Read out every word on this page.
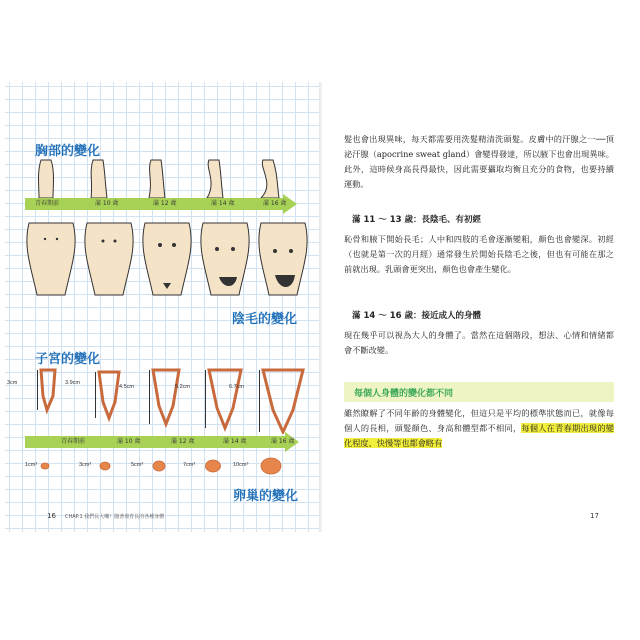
胸部的變化
青春期前	滿 10 歲	滿 12 歲	滿 14 歲	滿 16 歲
陰毛的變化
子宮的變化
3cm	3.9cm
4.5cm	5.2cm	6.7cm
青春期前	滿 10 歲	滿 12 歲	滿 14 歲	滿 16 歲
1cm³	3cm³	5cm³	7cm³	10cm³
卵巢的變化
16 CHAP.1 我們長大囉！隨著發育長的各種身體
髮也會出現異味，每天都需要用洗髮精清洗頭髮。皮膚中的汗腺之一──頂泌汗腺（apocrine sweat gland）會變得發達，所以腋下也會出現異味。此外，這時候身高長得最快，因此需要攝取均衡且充分的食物，也要持續運動。
滿 11 ～ 13 歲：長陰毛、有初經
恥骨和腋下開始長毛；人中和四肢的毛會逐漸變粗，顏色也會變深。初經（也就是第一次的月經）通常發生於開始長陰毛之後，但也有可能在那之前就出現。乳頭會更突出，顏色也會產生變化。
滿 14 ～ 16 歲：接近成人的身體
現在幾乎可以視為大人的身體了。當然在這個階段，想法、心情和情緒都會不斷改變。
每個人身體的變化都不同
雖然瞭解了不同年齡的身體變化，但這只是平均的標準狀態而已，就像每個人的長相，頭髮顏色、身高和體型都不相同，每個人在青春期出現的變化程度、快慢等也都會略有
17
